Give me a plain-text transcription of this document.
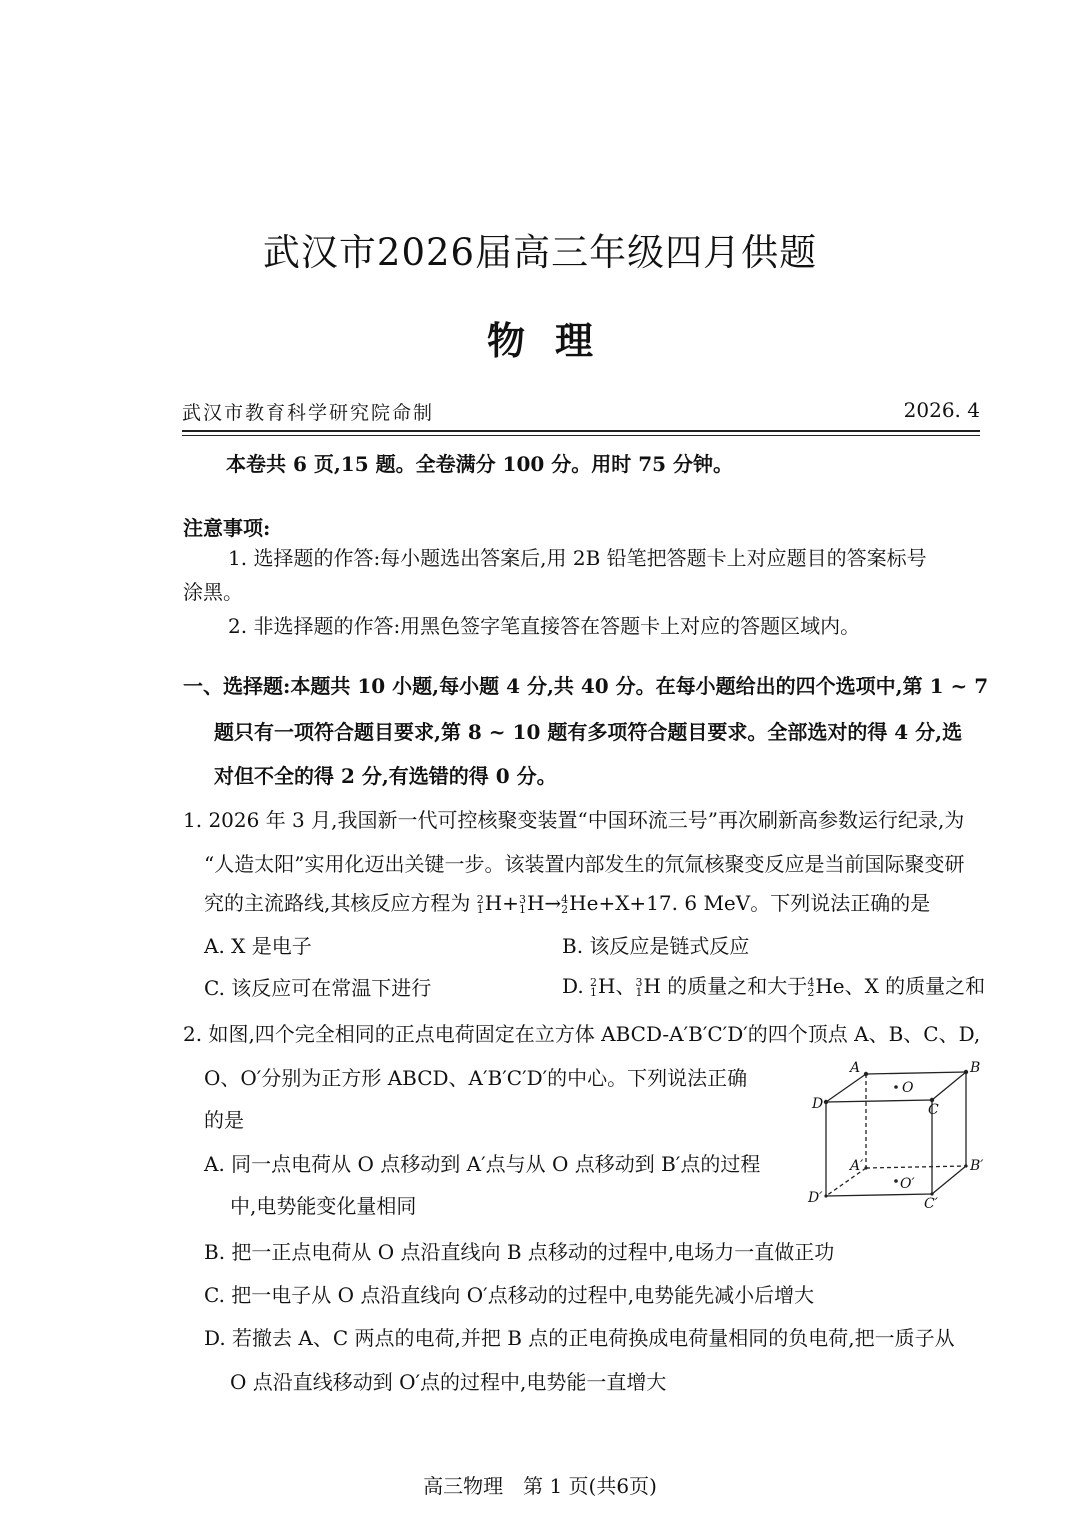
武汉市2026届高三年级四月供题
物理
武汉市教育科学研究院命制	2026. 4
本卷共 6 页,15 题。全卷满分 100 分。用时 75 分钟。
注意事项:
1. 选择题的作答:每小题选出答案后,用 2B 铅笔把答题卡上对应题目的答案标号
涂黑。
2. 非选择题的作答:用黑色签字笔直接答在答题卡上对应的答题区域内。
一、选择题:本题共 10 小题,每小题 4 分,共 40 分。在每小题给出的四个选项中,第 1 ~ 7
题只有一项符合题目要求,第 8 ~ 10 题有多项符合题目要求。全部选对的得 4 分,选
对但不全的得 2 分,有选错的得 0 分。
1. 2026 年 3 月,我国新一代可控核聚变装置“中国环流三号”再次刷新高参数运行纪录,为
“人造太阳”实用化迈出关键一步。该装置内部发生的氘氚核聚变反应是当前国际聚变研
究的主流路线,其核反应方程为 2
1 H+ 3
1 H→ 4
2 He+X+17. 6 MeV。下列说法正确的是
A. X 是电子	B. 该反应是链式反应
C. 该反应可在常温下进行	D. 2
1 H、 3
1 H 的质量之和大于 4
2 He、X 的质量之和
2. 如图,四个完全相同的正点电荷固定在立方体 ABCD-A′B′C′D′的四个顶点 A、B、C、D,
O、O′分别为正方形 ABCD、A′B′C′D′的中心。下列说法正确
的是
A. 同一点电荷从 O 点移动到 A′点与从 O 点移动到 B′点的过程
中,电势能变化量相同
B. 把一正点电荷从 O 点沿直线向 B 点移动的过程中,电场力一直做正功
C. 把一电子从 O 点沿直线向 O′点移动的过程中,电势能先减小后增大
D. 若撤去 A、C 两点的电荷,并把 B 点的正电荷换成电荷量相同的负电荷,把一质子从
O 点沿直线移动到 O′点的过程中,电势能一直增大
A	B
C
D
O
A′	B′
C′
D′
O′
高三物理　第 1 页(共6页)
